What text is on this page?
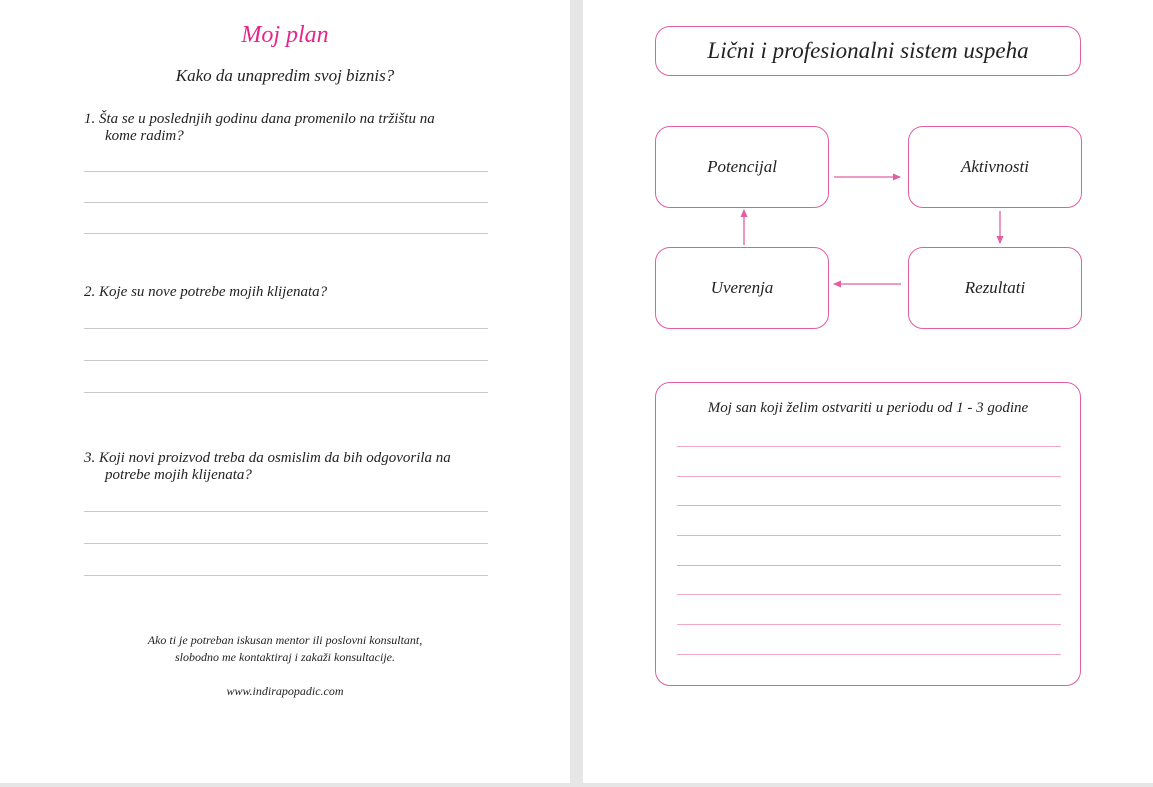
Moj plan
Kako da unapredim svoj biznis?
1. Šta se u poslednjih godinu dana promenilo na tržištu na
kome radim?
2. Koje su nove potrebe mojih klijenata?
3. Koji novi proizvod treba da osmislim da bih odgovorila na
potrebe mojih klijenata?
Ako ti je potreban iskusan mentor ili poslovni konsultant,
slobodno me kontaktiraj i zakaži konsultacije.
www.indirapopadic.com
Lični i profesionalni sistem uspeha
Potencijal	Aktivnosti
Rezultati
Uverenja
Moj san koji želim ostvariti u periodu od 1 - 3 godine
